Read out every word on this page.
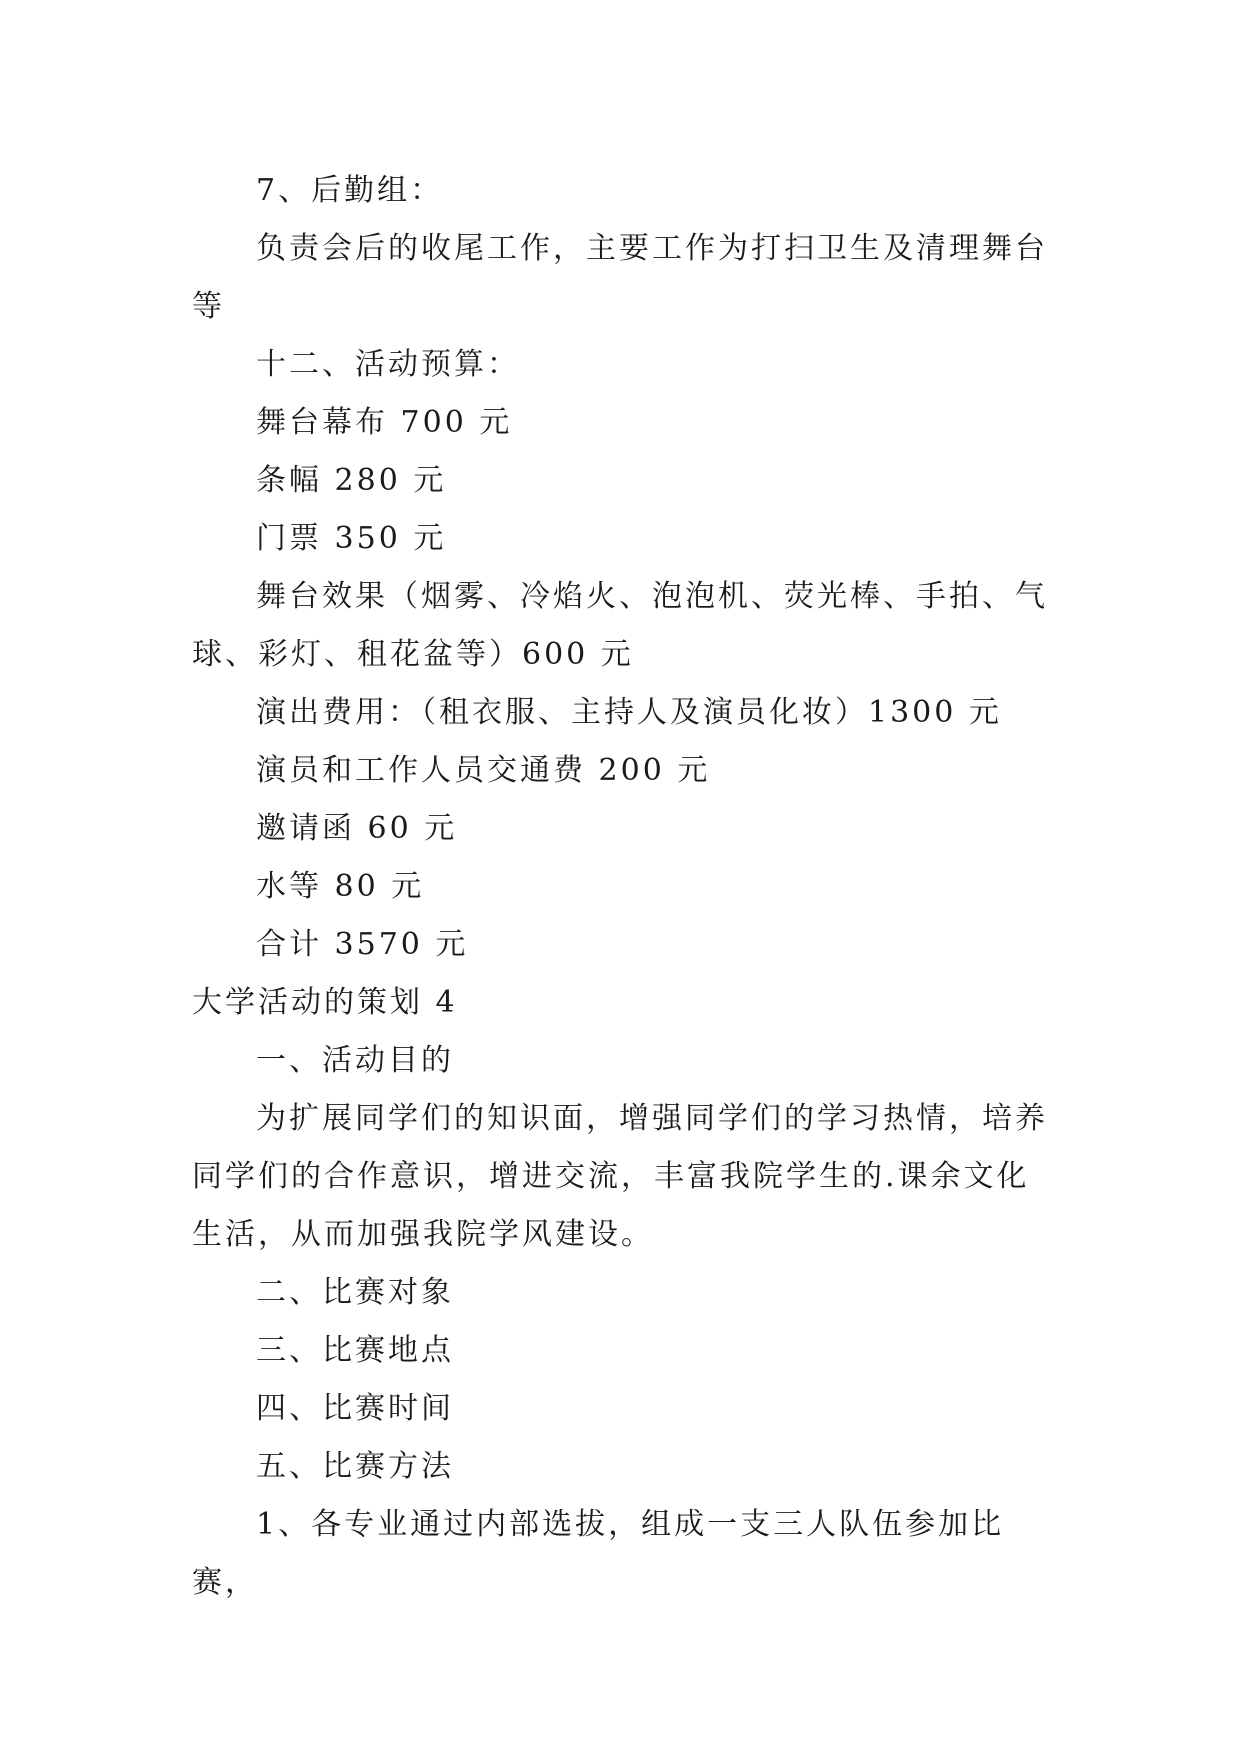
7、后勤组：

负责会后的收尾工作，主要工作为打扫卫生及清理舞台等

十二、活动预算：

舞台幕布 700 元

条幅 280 元

门票 350 元

舞台效果（烟雾、冷焰火、泡泡机、荧光棒、手拍、气球、彩灯、租花盆等）600 元

演出费用：（租衣服、主持人及演员化妆）1300 元

演员和工作人员交通费 200 元

邀请函 60 元

水等 80 元

合计 3570 元

大学活动的策划 4

一、活动目的

为扩展同学们的知识面，增强同学们的学习热情，培养同学们的合作意识，增进交流，丰富我院学生的.课余文化生活，从而加强我院学风建设。

二、比赛对象

三、比赛地点

四、比赛时间

五、比赛方法

1、各专业通过内部选拔，组成一支三人队伍参加比赛，
